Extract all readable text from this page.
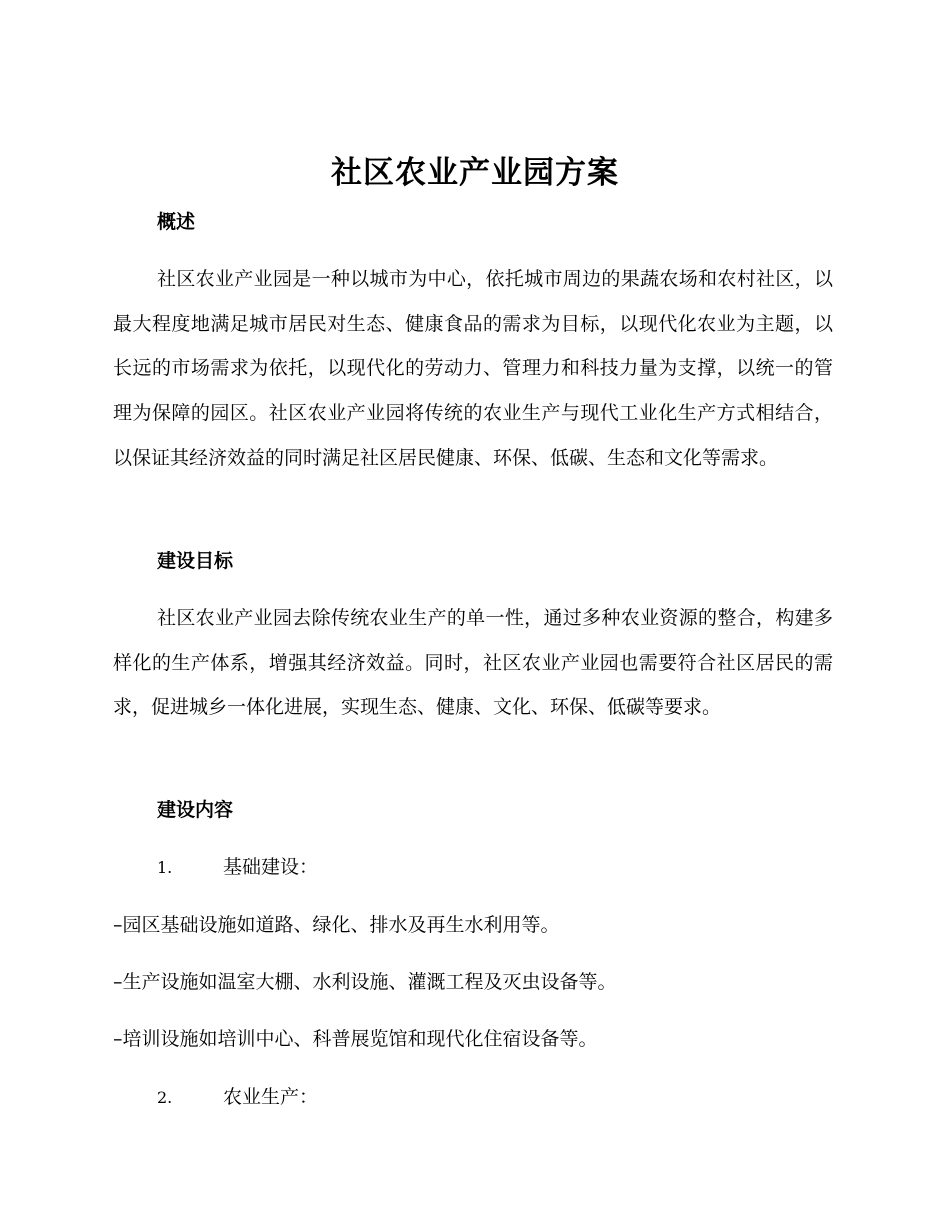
社区农业产业园方案
概述

社区农业产业园是一种以城市为中心，依托城市周边的果蔬农场和农村社区，以最大程度地满足城市居民对生态、健康食品的需求为目标，以现代化农业为主题，以长远的市场需求为依托，以现代化的劳动力、管理力和科技力量为支撑，以统一的管理为保障的园区。社区农业产业园将传统的农业生产与现代工业化生产方式相结合，以保证其经济效益的同时满足社区居民健康、环保、低碳、生态和文化等需求。

建设目标

社区农业产业园去除传统农业生产的单一性，通过多种农业资源的整合，构建多样化的生产体系，增强其经济效益。同时，社区农业产业园也需要符合社区居民的需求，促进城乡一体化进展，实现生态、健康、文化、环保、低碳等要求。

建设内容
1.	基础建设：
–园区基础设施如道路、绿化、排水及再生水利用等。
–生产设施如温室大棚、水利设施、灌溉工程及灭虫设备等。
–培训设施如培训中心、科普展览馆和现代化住宿设备等。
2.	农业生产：
